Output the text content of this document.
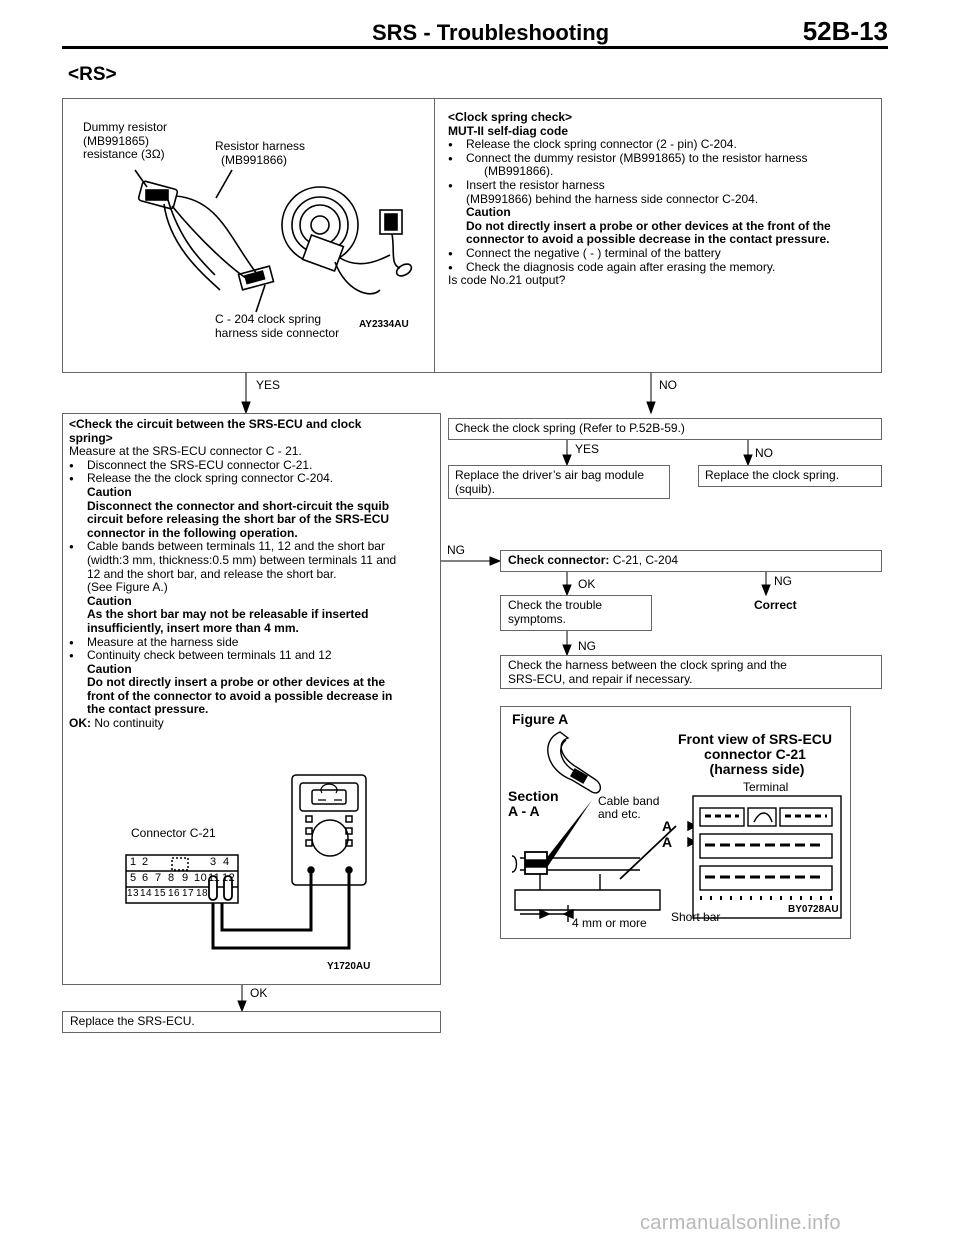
SRS - Troubleshooting	52B-13
<RS>
Dummy resistor
(MB991865)
resistance (3Ω)
Resistor harness
(MB991866)
C - 204 clock spring
harness side connector
AY2334AU
<Clock spring check>
MUT-II self-diag code
● Release the clock spring connector (2 - pin) C-204.
● Connect the dummy resistor (MB991865) to the resistor harness
(MB991866).
● Insert the resistor harness
(MB991866) behind the harness side connector C-204.
Caution
Do not directly insert a probe or other devices at the front of the
connector to avoid a possible decrease in the contact pressure.
● Connect the negative ( - ) terminal of the battery
● Check the diagnosis code again after erasing the memory.
Is code No.21 output?
YES	NO
<Check the circuit between the SRS-ECU and clock
spring>
Measure at the SRS-ECU connector C - 21.
● Disconnect the SRS-ECU connector C-21.
● Release the the clock spring connector C-204.
Caution
Disconnect the connector and short-circuit the squib
circuit before releasing the short bar of the SRS-ECU
connector in the following operation.
● Cable bands between terminals 11, 12 and the short bar
(width:3 mm, thickness:0.5 mm) between terminals 11 and
12 and the short bar, and release the short bar.
(See Figure A.)
Caution
As the short bar may not be releasable if inserted
insufficiently, insert more than 4 mm.
● Measure at the harness side
● Continuity check between terminals 11 and 12
Caution
Do not directly insert a probe or other devices at the
front of the connector to avoid a possible decrease in
the contact pressure.
OK: No continuity
Connector C-21
1 2	3 4
5 6 7 8 9 10 11 12
13 14 15 16 17 18
Y1720AU
Check the clock spring (Refer to P.52B-59.)
YES	NO
Replace the driver’s air bag module
(squib).
Replace the clock spring.
NG
Check connector: C-21, C-204
OK	NG
Check the trouble
symptoms.
Correct
NG
Check the harness between the clock spring and the
SRS-ECU, and repair if necessary.
Figure A
Front view of SRS-ECU
connector C-21
(harness side)
Terminal
Section
A - A
Cable band
and etc.
A
A
4 mm or more Short bar
BY0728AU
OK
Replace the SRS-ECU.
carmanualsonline.info
